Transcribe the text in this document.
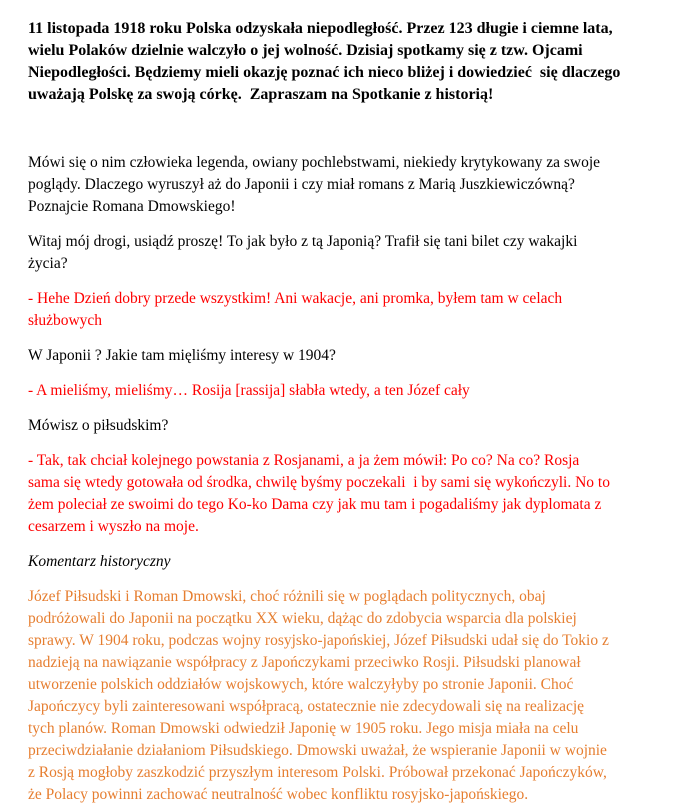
11 listopada 1918 roku Polska odzyskała niepodległość. Przez 123 długie i ciemne lata,
wielu Polaków dzielnie walczyło o jej wolność. Dzisiaj spotkamy się z tzw. Ojcami
Niepodległości. Będziemy mieli okazję poznać ich nieco bliżej i dowiedzieć  się dlaczego
uważają Polskę za swoją córkę.  Zapraszam na Spotkanie z historią!
Mówi się o nim człowieka legenda, owiany pochlebstwami, niekiedy krytykowany za swoje
poglądy. Dlaczego wyruszył aż do Japonii i czy miał romans z Marią Juszkiewiczówną?
Poznajcie Romana Dmowskiego!
Witaj mój drogi, usiądź proszę! To jak było z tą Japonią? Trafił się tani bilet czy wakajki
życia?
- Hehe Dzień dobry przede wszystkim! Ani wakacje, ani promka, byłem tam w celach
służbowych
W Japonii ? Jakie tam mięliśmy interesy w 1904?
- A mieliśmy, mieliśmy… Rosija [rassija] słabła wtedy, a ten Józef cały
Mówisz o piłsudskim?
- Tak, tak chciał kolejnego powstania z Rosjanami, a ja żem mówił: Po co? Na co? Rosja
sama się wtedy gotowała od środka, chwilę byśmy poczekali  i by sami się wykończyli. No to
żem poleciał ze swoimi do tego Ko-ko Dama czy jak mu tam i pogadaliśmy jak dyplomata z
cesarzem i wyszło na moje.
Komentarz historyczny
Józef Piłsudski i Roman Dmowski, choć różnili się w poglądach politycznych, obaj
podróżowali do Japonii na początku XX wieku, dążąc do zdobycia wsparcia dla polskiej
sprawy. W 1904 roku, podczas wojny rosyjsko-japońskiej, Józef Piłsudski udał się do Tokio z
nadzieją na nawiązanie współpracy z Japończykami przeciwko Rosji. Piłsudski planował
utworzenie polskich oddziałów wojskowych, które walczyłyby po stronie Japonii. Choć
Japończycy byli zainteresowani współpracą, ostatecznie nie zdecydowali się na realizację
tych planów. Roman Dmowski odwiedził Japonię w 1905 roku. Jego misja miała na celu
przeciwdziałanie działaniom Piłsudskiego. Dmowski uważał, że wspieranie Japonii w wojnie
z Rosją mogłoby zaszkodzić przyszłym interesom Polski. Próbował przekonać Japończyków,
że Polacy powinni zachować neutralność wobec konfliktu rosyjsko-japońskiego.
